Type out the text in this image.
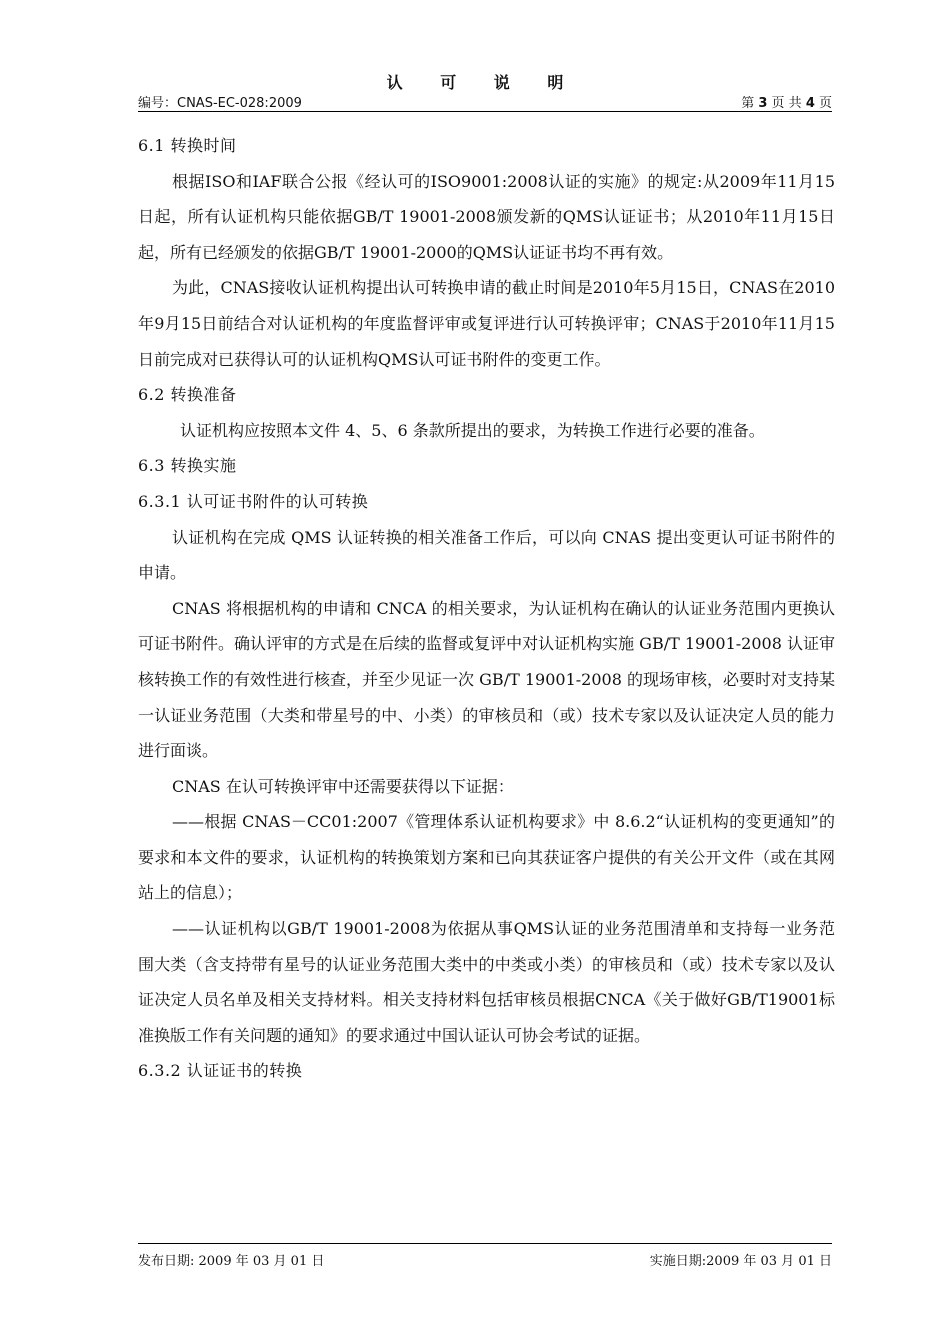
认 可 说 明
编号：CNAS-EC-028:2009	第 3 页 共 4 页

6.1 转换时间

根据ISO和IAF联合公报《经认可的ISO9001:2008认证的实施》的规定:从2009年11月15日起，所有认证机构只能依据GB/T 19001-2008颁发新的QMS认证证书；从2010年11月15日起，所有已经颁发的依据GB/T 19001-2000的QMS认证证书均不再有效。

为此，CNAS接收认证机构提出认可转换申请的截止时间是2010年5月15日，CNAS在2010年9月15日前结合对认证机构的年度监督评审或复评进行认可转换评审；CNAS于2010年11月15日前完成对已获得认可的认证机构QMS认可证书附件的变更工作。

6.2 转换准备

认证机构应按照本文件 4、5、6 条款所提出的要求，为转换工作进行必要的准备。

6.3 转换实施

6.3.1 认可证书附件的认可转换

认证机构在完成 QMS 认证转换的相关准备工作后，可以向 CNAS 提出变更认可证书附件的申请。

CNAS 将根据机构的申请和 CNCA 的相关要求，为认证机构在确认的认证业务范围内更换认可证书附件。确认评审的方式是在后续的监督或复评中对认证机构实施 GB/T 19001-2008 认证审核转换工作的有效性进行核查，并至少见证一次 GB/T 19001-2008 的现场审核，必要时对支持某一认证业务范围（大类和带星号的中、小类）的审核员和（或）技术专家以及认证决定人员的能力进行面谈。

CNAS 在认可转换评审中还需要获得以下证据：

——根据 CNAS－CC01:2007《管理体系认证机构要求》中 8.6.2“认证机构的变更通知”的要求和本文件的要求，认证机构的转换策划方案和已向其获证客户提供的有关公开文件（或在其网站上的信息）；

——认证机构以GB/T 19001-2008为依据从事QMS认证的业务范围清单和支持每一业务范围大类（含支持带有星号的认证业务范围大类中的中类或小类）的审核员和（或）技术专家以及认证决定人员名单及相关支持材料。相关支持材料包括审核员根据CNCA《关于做好GB/T19001标准换版工作有关问题的通知》的要求通过中国认证认可协会考试的证据。

6.3.2 认证证书的转换

发布日期: 2009 年 03 月 01 日	实施日期:2009 年 03 月 01 日
